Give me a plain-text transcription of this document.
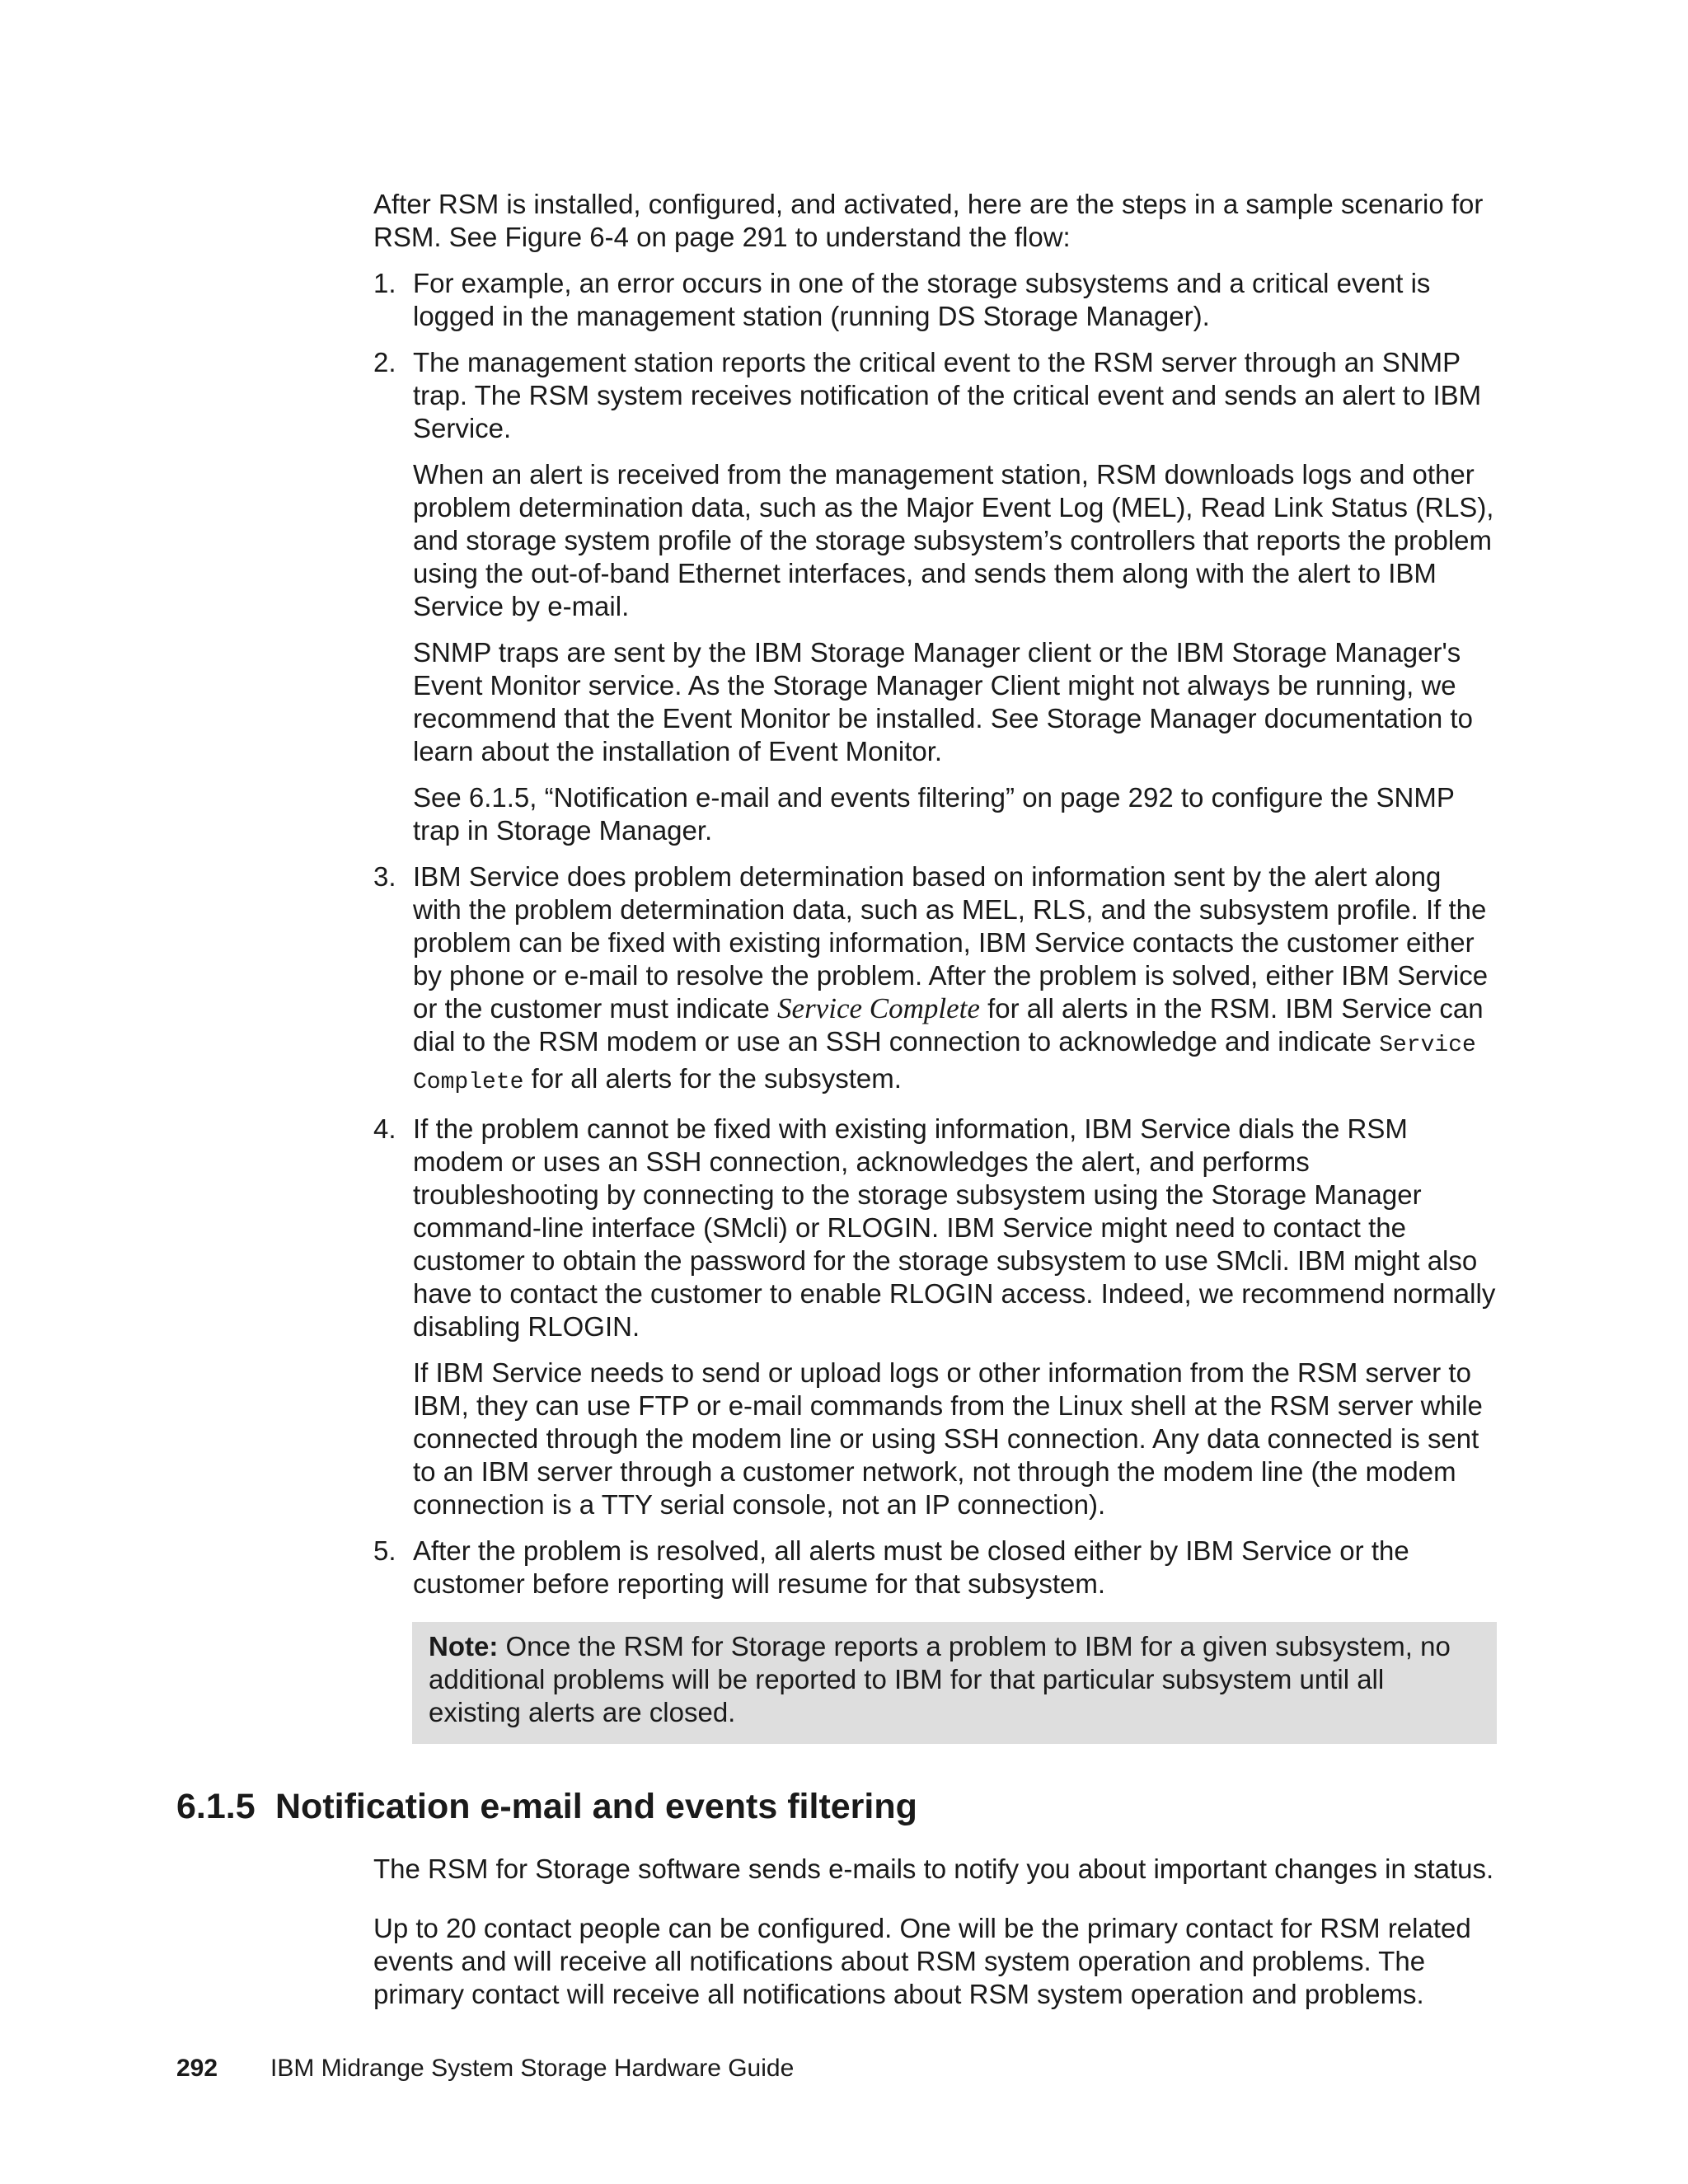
After RSM is installed, configured, and activated, here are the steps in a sample scenario for RSM. See Figure 6-4 on page 291 to understand the flow:

1. For example, an error occurs in one of the storage subsystems and a critical event is logged in the management station (running DS Storage Manager).

2. The management station reports the critical event to the RSM server through an SNMP trap. The RSM system receives notification of the critical event and sends an alert to IBM Service.

When an alert is received from the management station, RSM downloads logs and other problem determination data, such as the Major Event Log (MEL), Read Link Status (RLS), and storage system profile of the storage subsystem’s controllers that reports the problem using the out-of-band Ethernet interfaces, and sends them along with the alert to IBM Service by e-mail.

SNMP traps are sent by the IBM Storage Manager client or the IBM Storage Manager's Event Monitor service. As the Storage Manager Client might not always be running, we recommend that the Event Monitor be installed. See Storage Manager documentation to learn about the installation of Event Monitor.

See 6.1.5, “Notification e-mail and events filtering” on page 292 to configure the SNMP trap in Storage Manager.

3. IBM Service does problem determination based on information sent by the alert along with the problem determination data, such as MEL, RLS, and the subsystem profile. If the problem can be fixed with existing information, IBM Service contacts the customer either by phone or e-mail to resolve the problem. After the problem is solved, either IBM Service or the customer must indicate Service Complete for all alerts in the RSM. IBM Service can dial to the RSM modem or use an SSH connection to acknowledge and indicate Service Complete for all alerts for the subsystem.

4. If the problem cannot be fixed with existing information, IBM Service dials the RSM modem or uses an SSH connection, acknowledges the alert, and performs troubleshooting by connecting to the storage subsystem using the Storage Manager command-line interface (SMcli) or RLOGIN. IBM Service might need to contact the customer to obtain the password for the storage subsystem to use SMcli. IBM might also have to contact the customer to enable RLOGIN access. Indeed, we recommend normally disabling RLOGIN.

If IBM Service needs to send or upload logs or other information from the RSM server to IBM, they can use FTP or e-mail commands from the Linux shell at the RSM server while connected through the modem line or using SSH connection. Any data connected is sent to an IBM server through a customer network, not through the modem line (the modem connection is a TTY serial console, not an IP connection).

5. After the problem is resolved, all alerts must be closed either by IBM Service or the customer before reporting will resume for that subsystem.

Note: Once the RSM for Storage reports a problem to IBM for a given subsystem, no additional problems will be reported to IBM for that particular subsystem until all existing alerts are closed.
6.1.5 Notification e-mail and events filtering

The RSM for Storage software sends e-mails to notify you about important changes in status.

Up to 20 contact people can be configured. One will be the primary contact for RSM related events and will receive all notifications about RSM system operation and problems. The primary contact will receive all notifications about RSM system operation and problems.

292 IBM Midrange System Storage Hardware Guide
